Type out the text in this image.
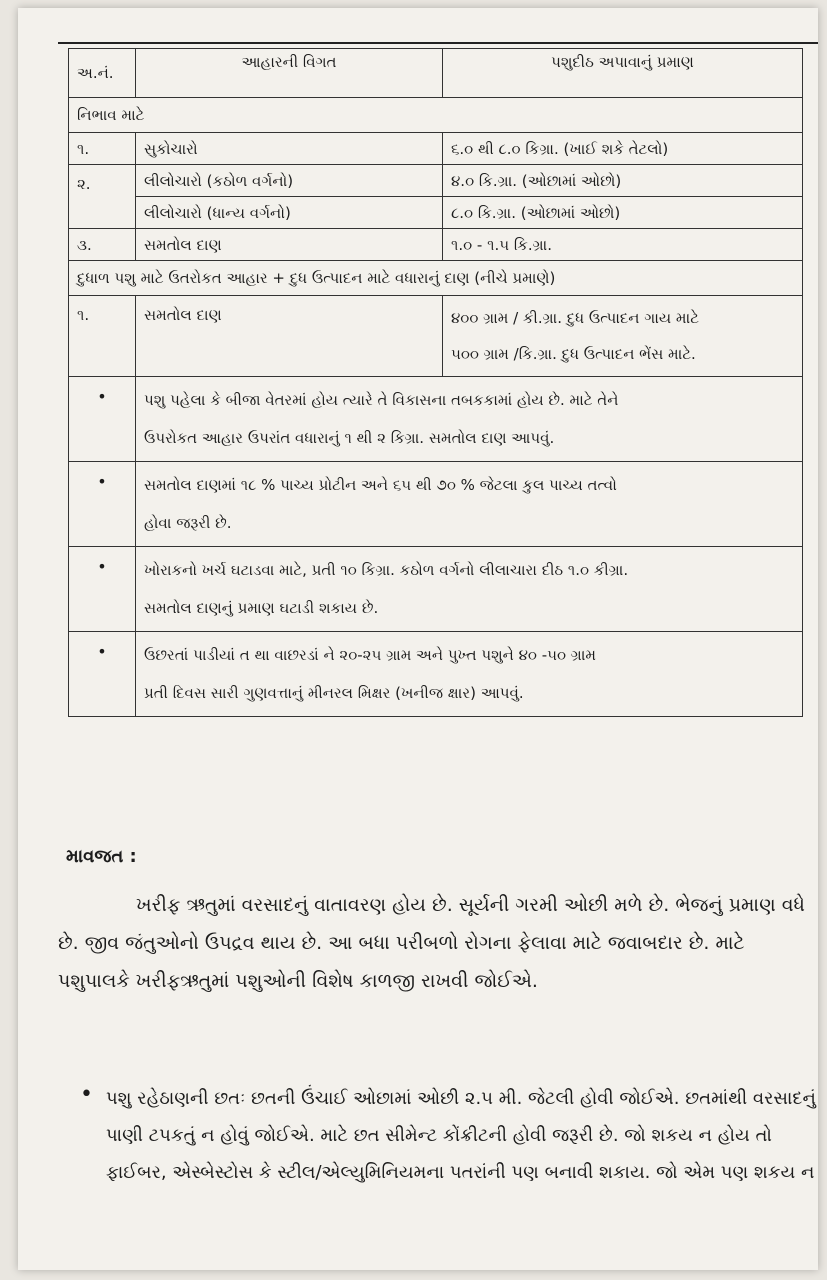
અ.નં.	આહારની વિગત	પશુદીઠ અપાવાનું પ્રમાણ
નિભાવ માટે		
૧.	સુકોચારો	૬.૦ થી ૮.૦ કિગ્રા. (ખાઈ શકે તેટલો)
૨.	લીલોચારો (કઠોળ વર્ગનો)	૪.૦ કિ.ગ્રા. (ઓછામાં ઓછો)
	લીલોચારો (ધાન્ય વર્ગનો)	૮.૦ કિ.ગ્રા. (ઓછામાં ઓછો)
૩.	સમતોલ દાણ	૧.૦ - ૧.૫ કિ.ગ્રા.
દુધાળ પશુ માટે ઉતરોકત આહાર + દુધ ઉત્પાદન માટે વધારાનું દાણ (નીચે પ્રમાણે)		
૧.	સમતોલ દાણ	૪૦૦ ગ્રામ / કી.ગ્રા. દુધ ઉત્પાદન ગાય માટે
૫૦૦ ગ્રામ /કિ.ગ્રા. દુધ ઉત્પાદન ભેંસ માટે.

•	પશુ પહેલા કે બીજા વેતરમાં હોય ત્યારે તે વિકાસના તબકકામાં હોય છે. માટે તેને
ઉપરોકત આહાર ઉપરાંત વધારાનું ૧ થી ૨ કિગ્રા. સમતોલ દાણ આપવું.	

•	સમતોલ દાણમાં ૧૮ % પાચ્ય પ્રોટીન અને ૬૫ થી ૭૦ % જેટલા કુલ પાચ્ય તત્વો
હોવા જરૂરી છે.	

•	ખોરાકનો ખર્ચ ઘટાડવા માટે, પ્રતી ૧૦ કિગ્રા. કઠોળ વર્ગનો લીલાચારા દીઠ ૧.૦ કીગ્રા.
સમતોલ દાણનું પ્રમાણ ઘટાડી શકાય છે.	

•	ઉછરતાં પાડીયાં ત થા વાછરડાં ને ૨૦-૨૫ ગ્રામ અને પુખ્ત પશુને ૪૦ -૫૦ ગ્રામ
પ્રતી દિવસ સારી ગુણવત્તાનું મીનરલ મિક્ષર (ખનીજ ક્ષાર) આપવું.	
માવજત :
ખરીફ ઋતુમાં વરસાદનું વાતાવરણ હોય છે. સૂર્યની ગરમી ઓછી મળે છે. ભેજનું પ્રમાણ વધે છે. જીવ જંતુઓનો ઉપદ્રવ થાય છે. આ બધા પરીબળો રોગના ફેલાવા માટે જવાબદાર છે. માટે પશુપાલકે ખરીફઋતુમાં પશુઓની વિશેષ કાળજી રાખવી જોઈએ.
• પશુ રહેઠાણની છતઃ છતની ઉંચાઈ ઓછામાં ઓછી ૨.૫ મી. જેટલી હોવી જોઈએ. છતમાંથી વરસાદનું પાણી ટપકતું ન હોવું જોઈએ. માટે છત સીમેન્ટ કોંક્રીટની હોવી જરૂરી છે. જો શકય ન હોય તો ફાઈબર, એસ્બેસ્ટોસ કે સ્ટીલ/એલ્યુમિનિયમના પતરાંની પણ બનાવી શકાય. જો એમ પણ શકય ન
